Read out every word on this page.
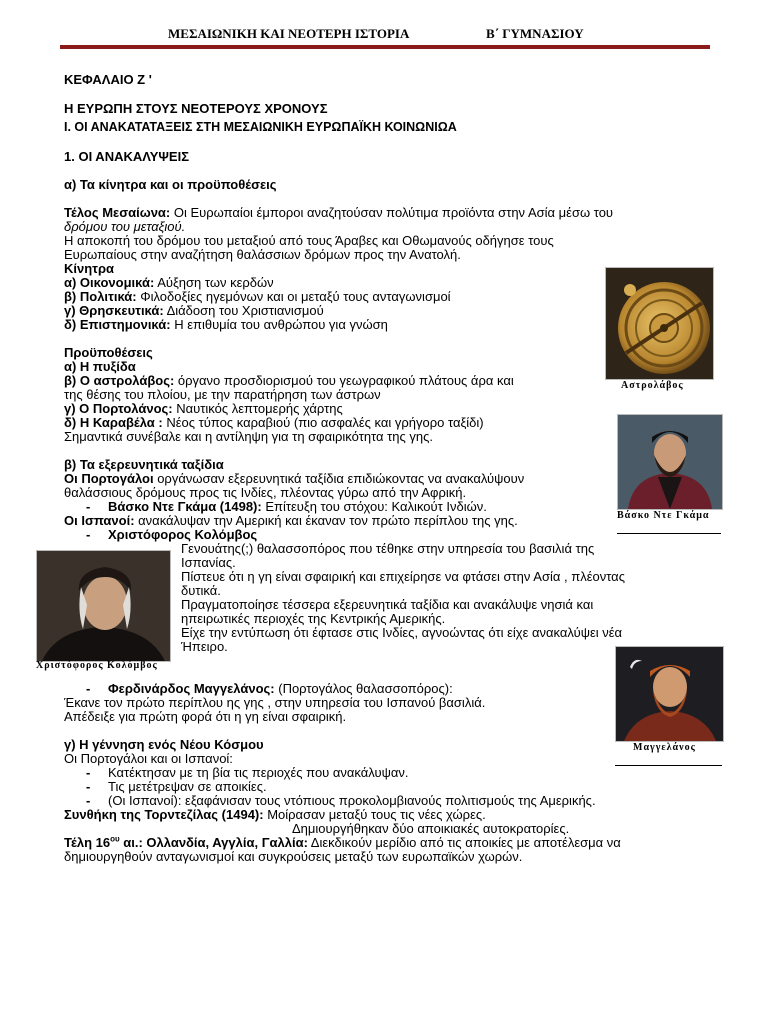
ΜΕΣΑΙΩΝΙΚΗ ΚΑΙ ΝΕΟΤΕΡΗ ΙΣΤΟΡΙΑ	Β΄ ΓΥΜΝΑΣΙΟΥ
ΚΕΦΑΛΑΙΟ Ζ '
Η ΕΥΡΩΠΗ ΣΤΟΥΣ ΝΕΟΤΕΡΟΥΣ ΧΡΟΝΟΥΣ
Ι. ΟΙ ΑΝΑΚΑΤΑΤΑΞΕΙΣ ΣΤΗ ΜΕΣΑΙΩΝΙΚΗ ΕΥΡΩΠΑΪΚΗ ΚΟΙΝΩΝΙΩΑ
1. ΟΙ ΑΝΑΚΑΛΥΨΕΙΣ
α) Τα κίνητρα και οι προϋποθέσεις
Τέλος Μεσαίωνα: Οι Ευρωπαίοι έμποροι αναζητούσαν πολύτιμα προϊόντα στην Ασία μέσω του
δρόμου του μεταξιού.
Η αποκοπή του δρόμου του μεταξιού από τους Άραβες και Οθωμανούς οδήγησε τους
Ευρωπαίους στην αναζήτηση θαλάσσιων δρόμων προς την Ανατολή.
Κίνητρα
α) Οικονομικά: Αύξηση των κερδών
β) Πολιτικά: Φιλοδοξίες ηγεμόνων και οι μεταξύ τους ανταγωνισμοί
γ) Θρησκευτικά: Διάδοση του Χριστιανισμού
δ) Επιστημονικά: Η επιθυμία του ανθρώπου για γνώση
Προϋποθέσεις
α) Η πυξίδα
β) Ο αστρολάβος: όργανο προσδιορισμού του γεωγραφικού πλάτους άρα και
της θέσης του πλοίου, με την παρατήρηση των άστρων
γ) Ο Πορτολάνος: Ναυτικός λεπτομερής χάρτης
δ) Η Καραβέλα : Νέος τύπος καραβιού (πιο ασφαλές και γρήγορο ταξίδι)
Σημαντικά συνέβαλε και η αντίληψη για τη σφαιρικότητα της γης.
β) Τα εξερευνητικά ταξίδια
Οι Πορτογάλοι οργάνωσαν εξερευνητικά ταξίδια επιδιώκοντας να ανακαλύψουν
θαλάσσιους δρόμους προς τις Ινδίες, πλέοντας γύρω από την Αφρική.
- Βάσκο Ντε Γκάμα (1498): Επίτευξη του στόχου: Καλικούτ Ινδιών.
Οι Ισπανοί: ανακάλυψαν την Αμερική και έκαναν τον πρώτο περίπλου της γης.
- Χριστόφορος Κολόμβος
Γενουάτης(;) θαλασσοπόρος που τέθηκε στην υπηρεσία του βασιλιά της
Ισπανίας.
Πίστευε ότι η γη είναι σφαιρική και επιχείρησε να φτάσει στην Ασία , πλέοντας
δυτικά.
Πραγματοποίησε τέσσερα εξερευνητικά ταξίδια και ανακάλυψε νησιά και
ηπειρωτικές περιοχές της Κεντρικής Αμερικής.
Είχε την εντύπωση ότι έφτασε στις Ινδίες, αγνοώντας ότι είχε ανακαλύψει νέα
Ήπειρο.
- Φερδινάρδος Μαγγελάνος: (Πορτογάλος θαλασσοπόρος):
Έκανε τον πρώτο περίπλου ης γης , στην υπηρεσία του Ισπανού βασιλιά.
Απέδειξε για πρώτη φορά ότι η γη είναι σφαιρική.
γ) Η γέννηση ενός Νέου Κόσμου
Οι Πορτογάλοι και οι Ισπανοί:
- Κατέκτησαν με τη βία τις περιοχές που ανακάλυψαν.
- Τις μετέτρεψαν σε αποικίες.
- (Οι Ισπανοί): εξαφάνισαν τους ντόπιους προκολομβιανούς πολιτισμούς της Αμερικής.
Συνθήκη της Τορντεζίλας (1494): Μοίρασαν μεταξύ τους τις νέες χώρες.
Δημιουργήθηκαν δύο αποικιακές αυτοκρατορίες.
Τέλη $16^{o\upsilon}$ αι.: Ολλανδία, Αγγλία, Γαλλία: Διεκδικούν μερίδιο από τις αποικίες με αποτέλεσμα να
δημιουργηθούν ανταγωνισμοί και συγκρούσεις μεταξύ των ευρωπαϊκών χωρών.
Αστρολάβος
Βάσκο Ντε Γκάμα
Χριστόφορος Κολόμβος
Μαγγελάνος
